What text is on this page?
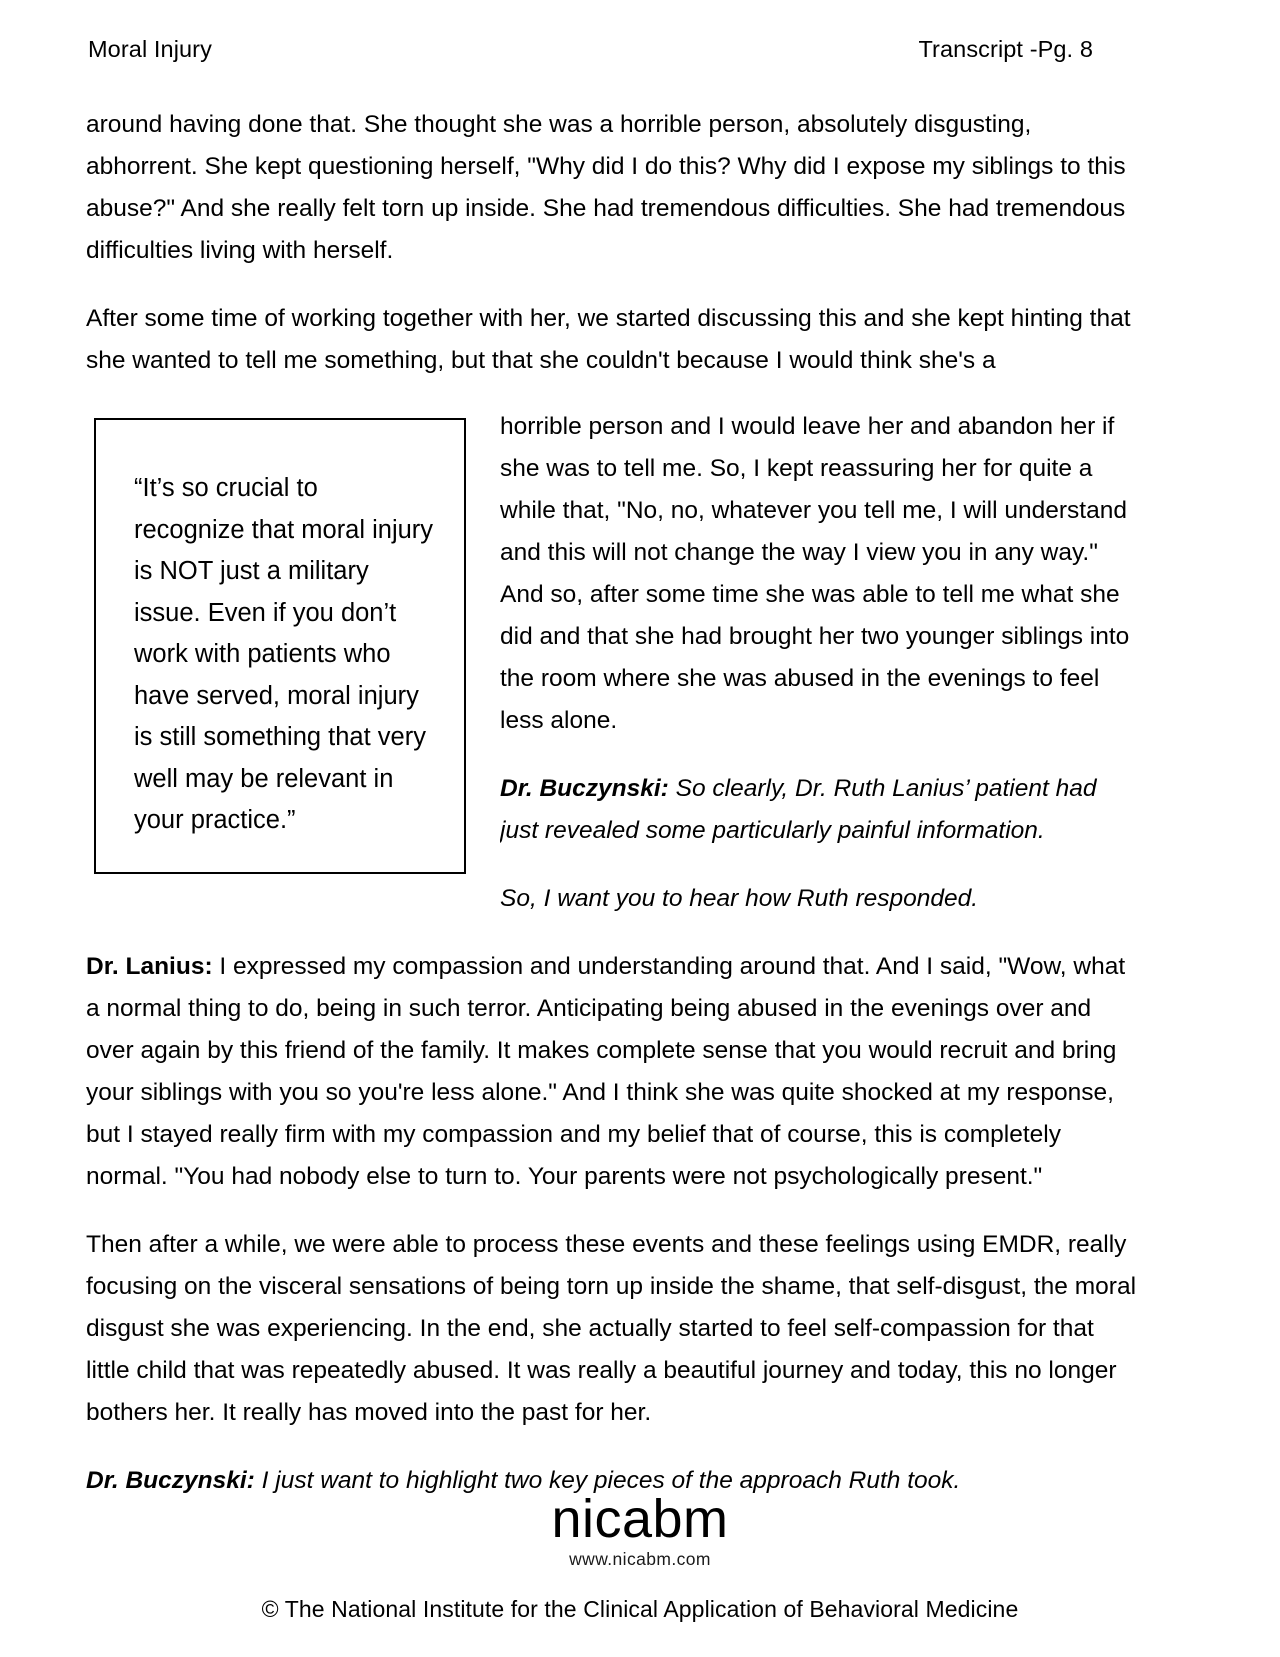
Moral Injury	Transcript -Pg. 8

around having done that. She thought she was a horrible person, absolutely disgusting, abhorrent. She kept questioning herself, "Why did I do this? Why did I expose my siblings to this abuse?" And she really felt torn up inside. She had tremendous difficulties. She had tremendous difficulties living with herself.

After some time of working together with her, we started discussing this and she kept hinting that she wanted to tell me something, but that she couldn't because I would think she's a

“It’s so crucial to recognize that moral injury is NOT just a military issue. Even if you don’t work with patients who have served, moral injury is still something that very well may be relevant in your practice.”

horrible person and I would leave her and abandon her if she was to tell me. So, I kept reassuring her for quite a while that, "No, no, whatever you tell me, I will understand and this will not change the way I view you in any way." And so, after some time she was able to tell me what she did and that she had brought her two younger siblings into the room where she was abused in the evenings to feel less alone.

Dr. Buczynski: So clearly, Dr. Ruth Lanius’ patient had just revealed some particularly painful information.

So, I want you to hear how Ruth responded.

Dr. Lanius: I expressed my compassion and understanding around that. And I said, "Wow, what a normal thing to do, being in such terror. Anticipating being abused in the evenings over and over again by this friend of the family. It makes complete sense that you would recruit and bring your siblings with you so you're less alone." And I think she was quite shocked at my response, but I stayed really firm with my compassion and my belief that of course, this is completely normal. "You had nobody else to turn to. Your parents were not psychologically present."

Then after a while, we were able to process these events and these feelings using EMDR, really focusing on the visceral sensations of being torn up inside the shame, that self-disgust, the moral disgust she was experiencing. In the end, she actually started to feel self-compassion for that little child that was repeatedly abused. It was really a beautiful journey and today, this no longer bothers her. It really has moved into the past for her.

Dr. Buczynski: I just want to highlight two key pieces of the approach Ruth took.

nicabm
www.nicabm.com
© The National Institute for the Clinical Application of Behavioral Medicine
